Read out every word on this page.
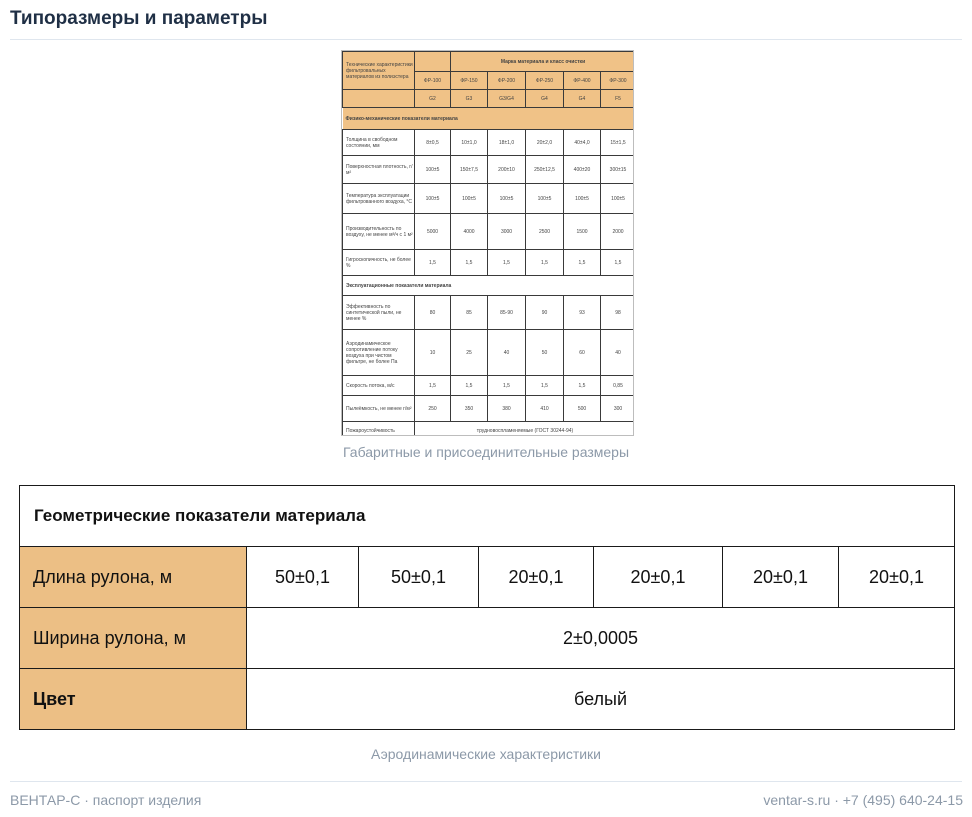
Типоразмеры и параметры
Технические характеристики фильтровальных материалов из полиэстера		Марка материала и класс очистки				
	ФР-100	ФР-150	ФР-200	ФР-250	ФР-400	ФР-300
	G2	G3	G3/G4	G4	G4	F5
Физико-механические показатели материала						
Толщина в свободном состоянии, мм	8±0,5	10±1,0	18±1,0	20±2,0	40±4,0	15±1,5
Поверхностная плотность, г/м²	100±5	150±7,5	200±10	250±12,5	400±20	300±15
Температура эксплуатации фильтрованного воздуха, °С	100±5	100±5	100±5	100±5	100±5	100±5
Производительность по воздуху, не менее м³/ч с 1 м²	5000	4000	3000	2500	1500	2000
Гигроскопичность, не более %	1,5	1,5	1,5	1,5	1,5	1,5
Эксплуатационные показатели материала						
Эффективность по синтетической пыли, не менее %	80	85	85-90	90	93	98
Аэродинамическое сопротивление потоку воздуха при чистом фильтре, не более Па	10	25	40	50	60	40
Скорость потока, м/с	1,5	1,5	1,5	1,5	1,5	0,85
Пылеёмкость, не менее г/м²	250	350	380	410	500	300
Пожароустойчивость	трудновоспламеняемые (ГОСТ 30244-94)					
Габаритные и присоединительные размеры
Геометрические показатели материала						
Длина рулона, м	50±0,1	50±0,1	20±0,1	20±0,1	20±0,1	20±0,1
Ширина рулона, м	2±0,0005					
Цвет	белый					
Аэродинамические характеристики
ВЕНТАР-С · паспорт изделия	ventar-s.ru · +7 (495) 640-24-15
